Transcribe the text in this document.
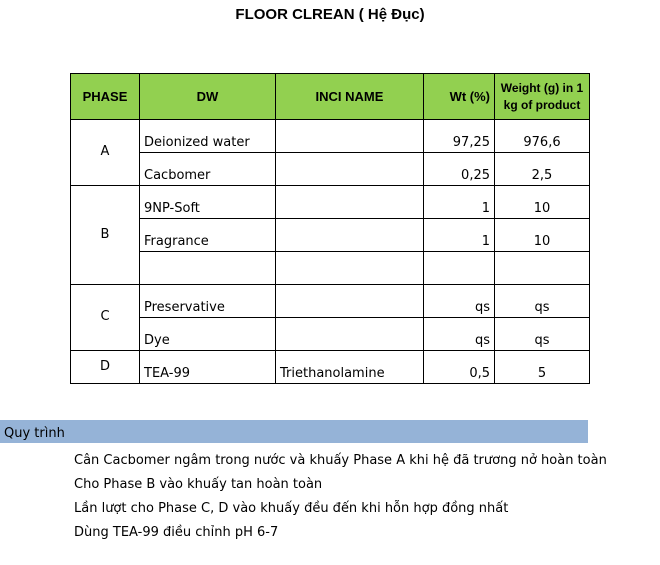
FLOOR CLREAN ( Hệ Đục)
PHASE	DW	INCI NAME	Wt (%)	Weight (g) in 1 kg of product
A	Deionized water		97,25	976,6
	Cacbomer		0,25	2,5
B	9NP-Soft		1	10
	Fragrance		1	10

C	Preservative		qs	qs
	Dye		qs	qs
D	TEA-99	Triethanolamine	0,5	5
Quy trình
Cân Cacbomer ngâm trong nước và khuấy Phase A khi hệ đã trương nở hoàn toàn
Cho Phase B vào khuấy tan hoàn toàn
Lần lượt cho Phase C, D vào khuấy đều đến khi hỗn hợp đồng nhất
Dùng TEA-99 điều chỉnh pH 6-7
